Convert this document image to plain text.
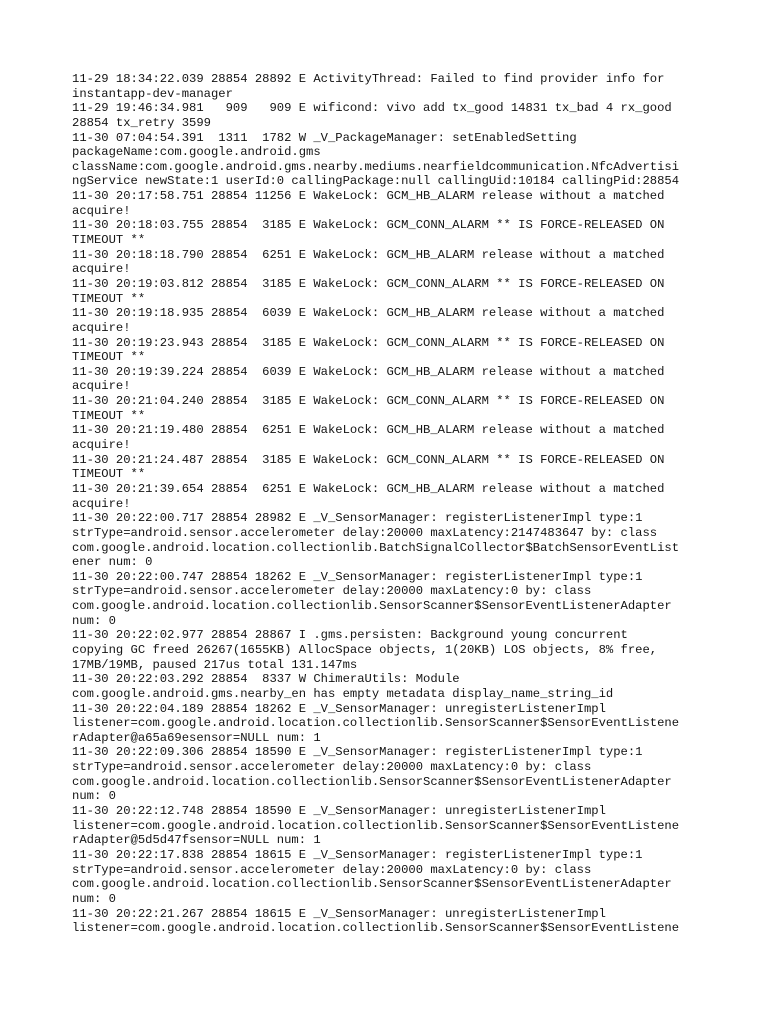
11-29 18:34:22.039 28854 28892 E ActivityThread: Failed to find provider info for
instantapp-dev-manager
11-29 19:46:34.981   909   909 E wificond: vivo add tx_good 14831 tx_bad 4 rx_good
28854 tx_retry 3599
11-30 07:04:54.391  1311  1782 W _V_PackageManager: setEnabledSetting
packageName:com.google.android.gms
className:com.google.android.gms.nearby.mediums.nearfieldcommunication.NfcAdvertisi
ngService newState:1 userId:0 callingPackage:null callingUid:10184 callingPid:28854
11-30 20:17:58.751 28854 11256 E WakeLock: GCM_HB_ALARM release without a matched
acquire!
11-30 20:18:03.755 28854  3185 E WakeLock: GCM_CONN_ALARM ** IS FORCE-RELEASED ON
TIMEOUT **
11-30 20:18:18.790 28854  6251 E WakeLock: GCM_HB_ALARM release without a matched
acquire!
11-30 20:19:03.812 28854  3185 E WakeLock: GCM_CONN_ALARM ** IS FORCE-RELEASED ON
TIMEOUT **
11-30 20:19:18.935 28854  6039 E WakeLock: GCM_HB_ALARM release without a matched
acquire!
11-30 20:19:23.943 28854  3185 E WakeLock: GCM_CONN_ALARM ** IS FORCE-RELEASED ON
TIMEOUT **
11-30 20:19:39.224 28854  6039 E WakeLock: GCM_HB_ALARM release without a matched
acquire!
11-30 20:21:04.240 28854  3185 E WakeLock: GCM_CONN_ALARM ** IS FORCE-RELEASED ON
TIMEOUT **
11-30 20:21:19.480 28854  6251 E WakeLock: GCM_HB_ALARM release without a matched
acquire!
11-30 20:21:24.487 28854  3185 E WakeLock: GCM_CONN_ALARM ** IS FORCE-RELEASED ON
TIMEOUT **
11-30 20:21:39.654 28854  6251 E WakeLock: GCM_HB_ALARM release without a matched
acquire!
11-30 20:22:00.717 28854 28982 E _V_SensorManager: registerListenerImpl type:1
strType=android.sensor.accelerometer delay:20000 maxLatency:2147483647 by: class
com.google.android.location.collectionlib.BatchSignalCollector$BatchSensorEventList
ener num: 0
11-30 20:22:00.747 28854 18262 E _V_SensorManager: registerListenerImpl type:1
strType=android.sensor.accelerometer delay:20000 maxLatency:0 by: class
com.google.android.location.collectionlib.SensorScanner$SensorEventListenerAdapter
num: 0
11-30 20:22:02.977 28854 28867 I .gms.persisten: Background young concurrent
copying GC freed 26267(1655KB) AllocSpace objects, 1(20KB) LOS objects, 8% free,
17MB/19MB, paused 217us total 131.147ms
11-30 20:22:03.292 28854  8337 W ChimeraUtils: Module
com.google.android.gms.nearby_en has empty metadata display_name_string_id
11-30 20:22:04.189 28854 18262 E _V_SensorManager: unregisterListenerImpl
listener=com.google.android.location.collectionlib.SensorScanner$SensorEventListene
rAdapter@a65a69esensor=NULL num: 1
11-30 20:22:09.306 28854 18590 E _V_SensorManager: registerListenerImpl type:1
strType=android.sensor.accelerometer delay:20000 maxLatency:0 by: class
com.google.android.location.collectionlib.SensorScanner$SensorEventListenerAdapter
num: 0
11-30 20:22:12.748 28854 18590 E _V_SensorManager: unregisterListenerImpl
listener=com.google.android.location.collectionlib.SensorScanner$SensorEventListene
rAdapter@5d5d47fsensor=NULL num: 1
11-30 20:22:17.838 28854 18615 E _V_SensorManager: registerListenerImpl type:1
strType=android.sensor.accelerometer delay:20000 maxLatency:0 by: class
com.google.android.location.collectionlib.SensorScanner$SensorEventListenerAdapter
num: 0
11-30 20:22:21.267 28854 18615 E _V_SensorManager: unregisterListenerImpl
listener=com.google.android.location.collectionlib.SensorScanner$SensorEventListene
